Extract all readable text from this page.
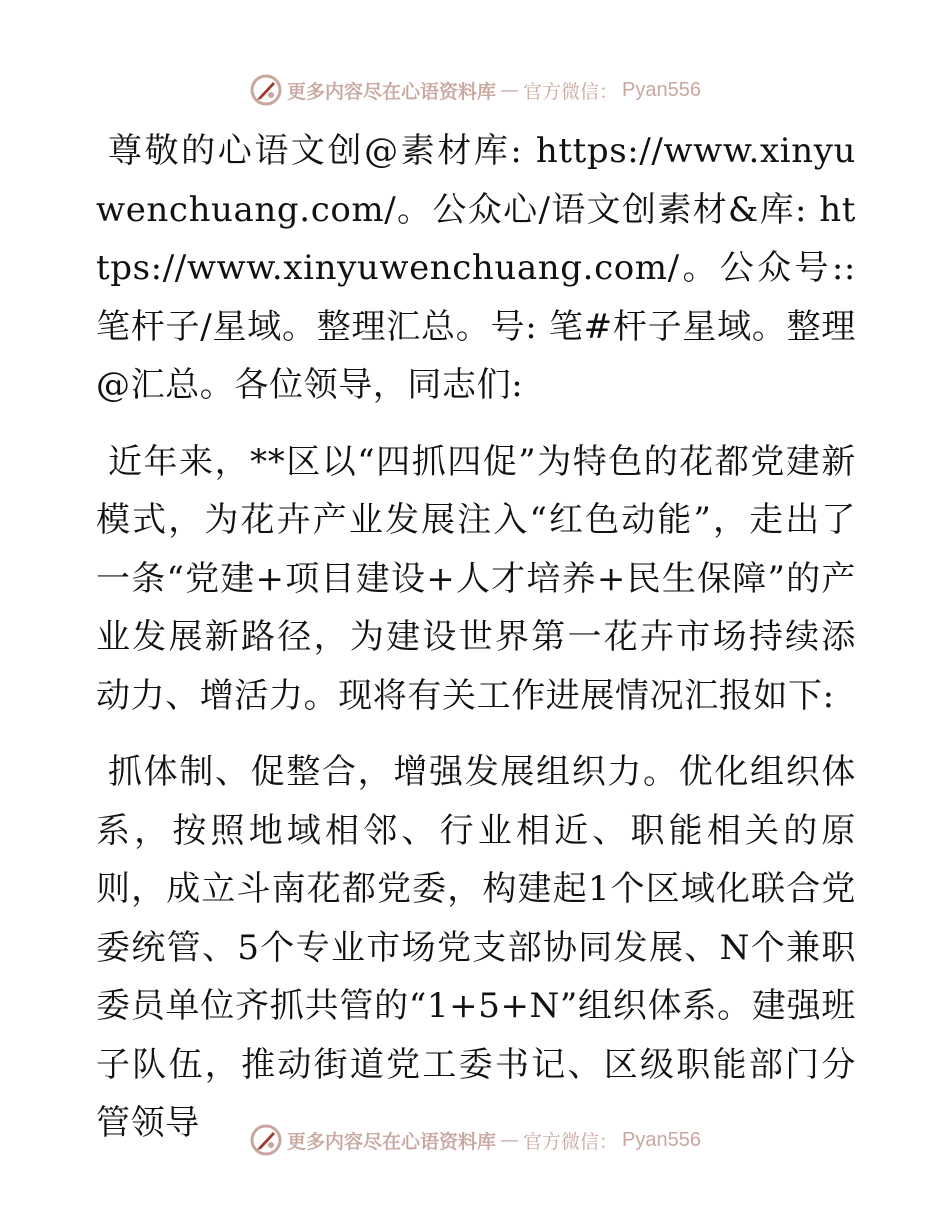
更多内容尽在心语资料库 — 官方微信： Pyan556

尊敬的心语文创@素材库: https://www.xinyuwenchuang.com/。公众心/语文创素材&库: https://www.xinyuwenchuang.com/。公众号:: 笔杆子/星域。整理汇总。号: 笔#杆子星域。整理@汇总。各位领导，同志们:

近年来，**区以“四抓四促”为特色的花都党建新模式，为花卉产业发展注入“红色动能”，走出了一条“党建+项目建设+人才培养+民生保障”的产业发展新路径，为建设世界第一花卉市场持续添动力、增活力。现将有关工作进展情况汇报如下:

抓体制、促整合，增强发展组织力。优化组织体系，按照地域相邻、行业相近、职能相关的原则，成立斗南花都党委，构建起1个区域化联合党委统管、5个专业市场党支部协同发展、N个兼职委员单位齐抓共管的“1+5+N”组织体系。建强班子队伍，推动街道党工委书记、区级职能部门分管领导	更多内容尽在心语资料库 — 官方微信： Pyan556
